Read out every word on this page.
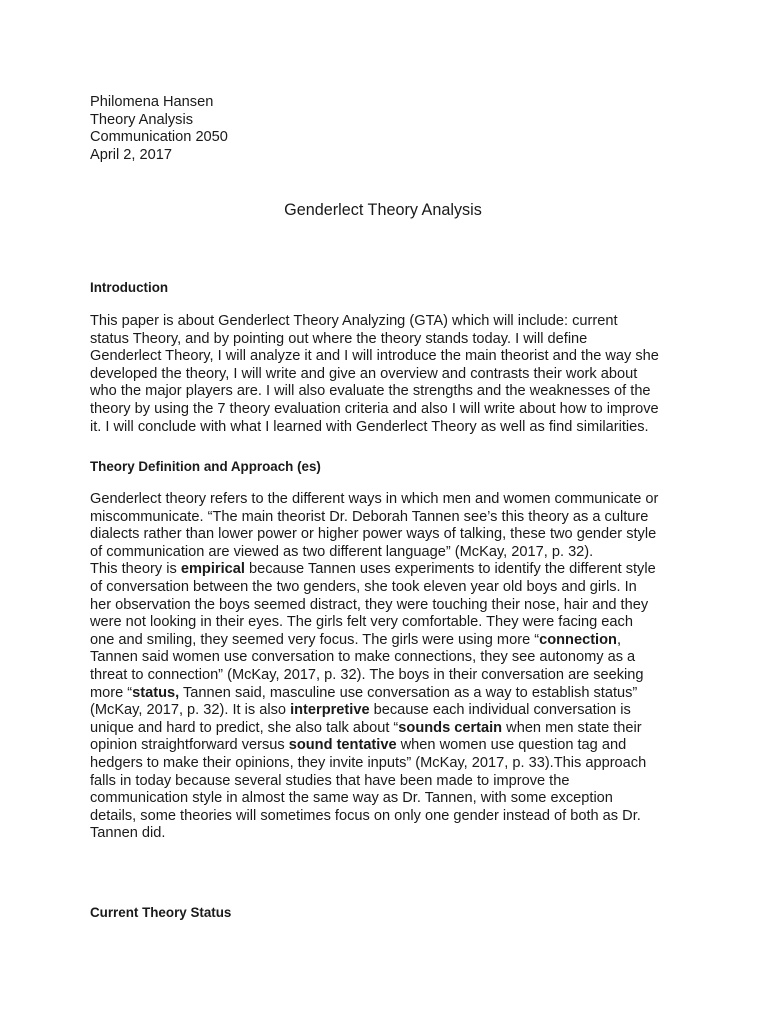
Philomena Hansen

Theory Analysis

Communication 2050

April 2, 2017

Genderlect Theory Analysis
Introduction

This paper is about Genderlect Theory Analyzing (GTA) which will include: current
status Theory, and by pointing out where the theory stands today. I will define
Genderlect Theory, I will analyze it and I will introduce the main theorist and the way she
developed the theory, I will write and give an overview and contrasts their work about
who the major players are. I will also evaluate the strengths and the weaknesses of the
theory by using the 7 theory evaluation criteria and also I will write about how to improve
it. I will conclude with what I learned with Genderlect Theory as well as find similarities.

Theory Definition and Approach (es)

Genderlect theory refers to the different ways in which men and women communicate or
miscommunicate. “The main theorist Dr. Deborah Tannen see’s this theory as a culture
dialects rather than lower power or higher power ways of talking, these two gender style
of communication are viewed as two different language” (McKay, 2017, p. 32).
This theory is empirical because Tannen uses experiments to identify the different style
of conversation between the two genders, she took eleven year old boys and girls. In
her observation the boys seemed distract, they were touching their nose, hair and they
were not looking in their eyes. The girls felt very comfortable. They were facing each
one and smiling, they seemed very focus. The girls were using more “connection,
Tannen said women use conversation to make connections, they see autonomy as a
threat to connection” (McKay, 2017, p. 32). The boys in their conversation are seeking
more “status, Tannen said, masculine use conversation as a way to establish status”
(McKay, 2017, p. 32). It is also interpretive because each individual conversation is
unique and hard to predict, she also talk about “sounds certain when men state their
opinion straightforward versus sound tentative when women use question tag and
hedgers to make their opinions, they invite inputs” (McKay, 2017, p. 33).This approach
falls in today because several studies that have been made to improve the
communication style in almost the same way as Dr. Tannen, with some exception
details, some theories will sometimes focus on only one gender instead of both as Dr.
Tannen did.

Current Theory Status
